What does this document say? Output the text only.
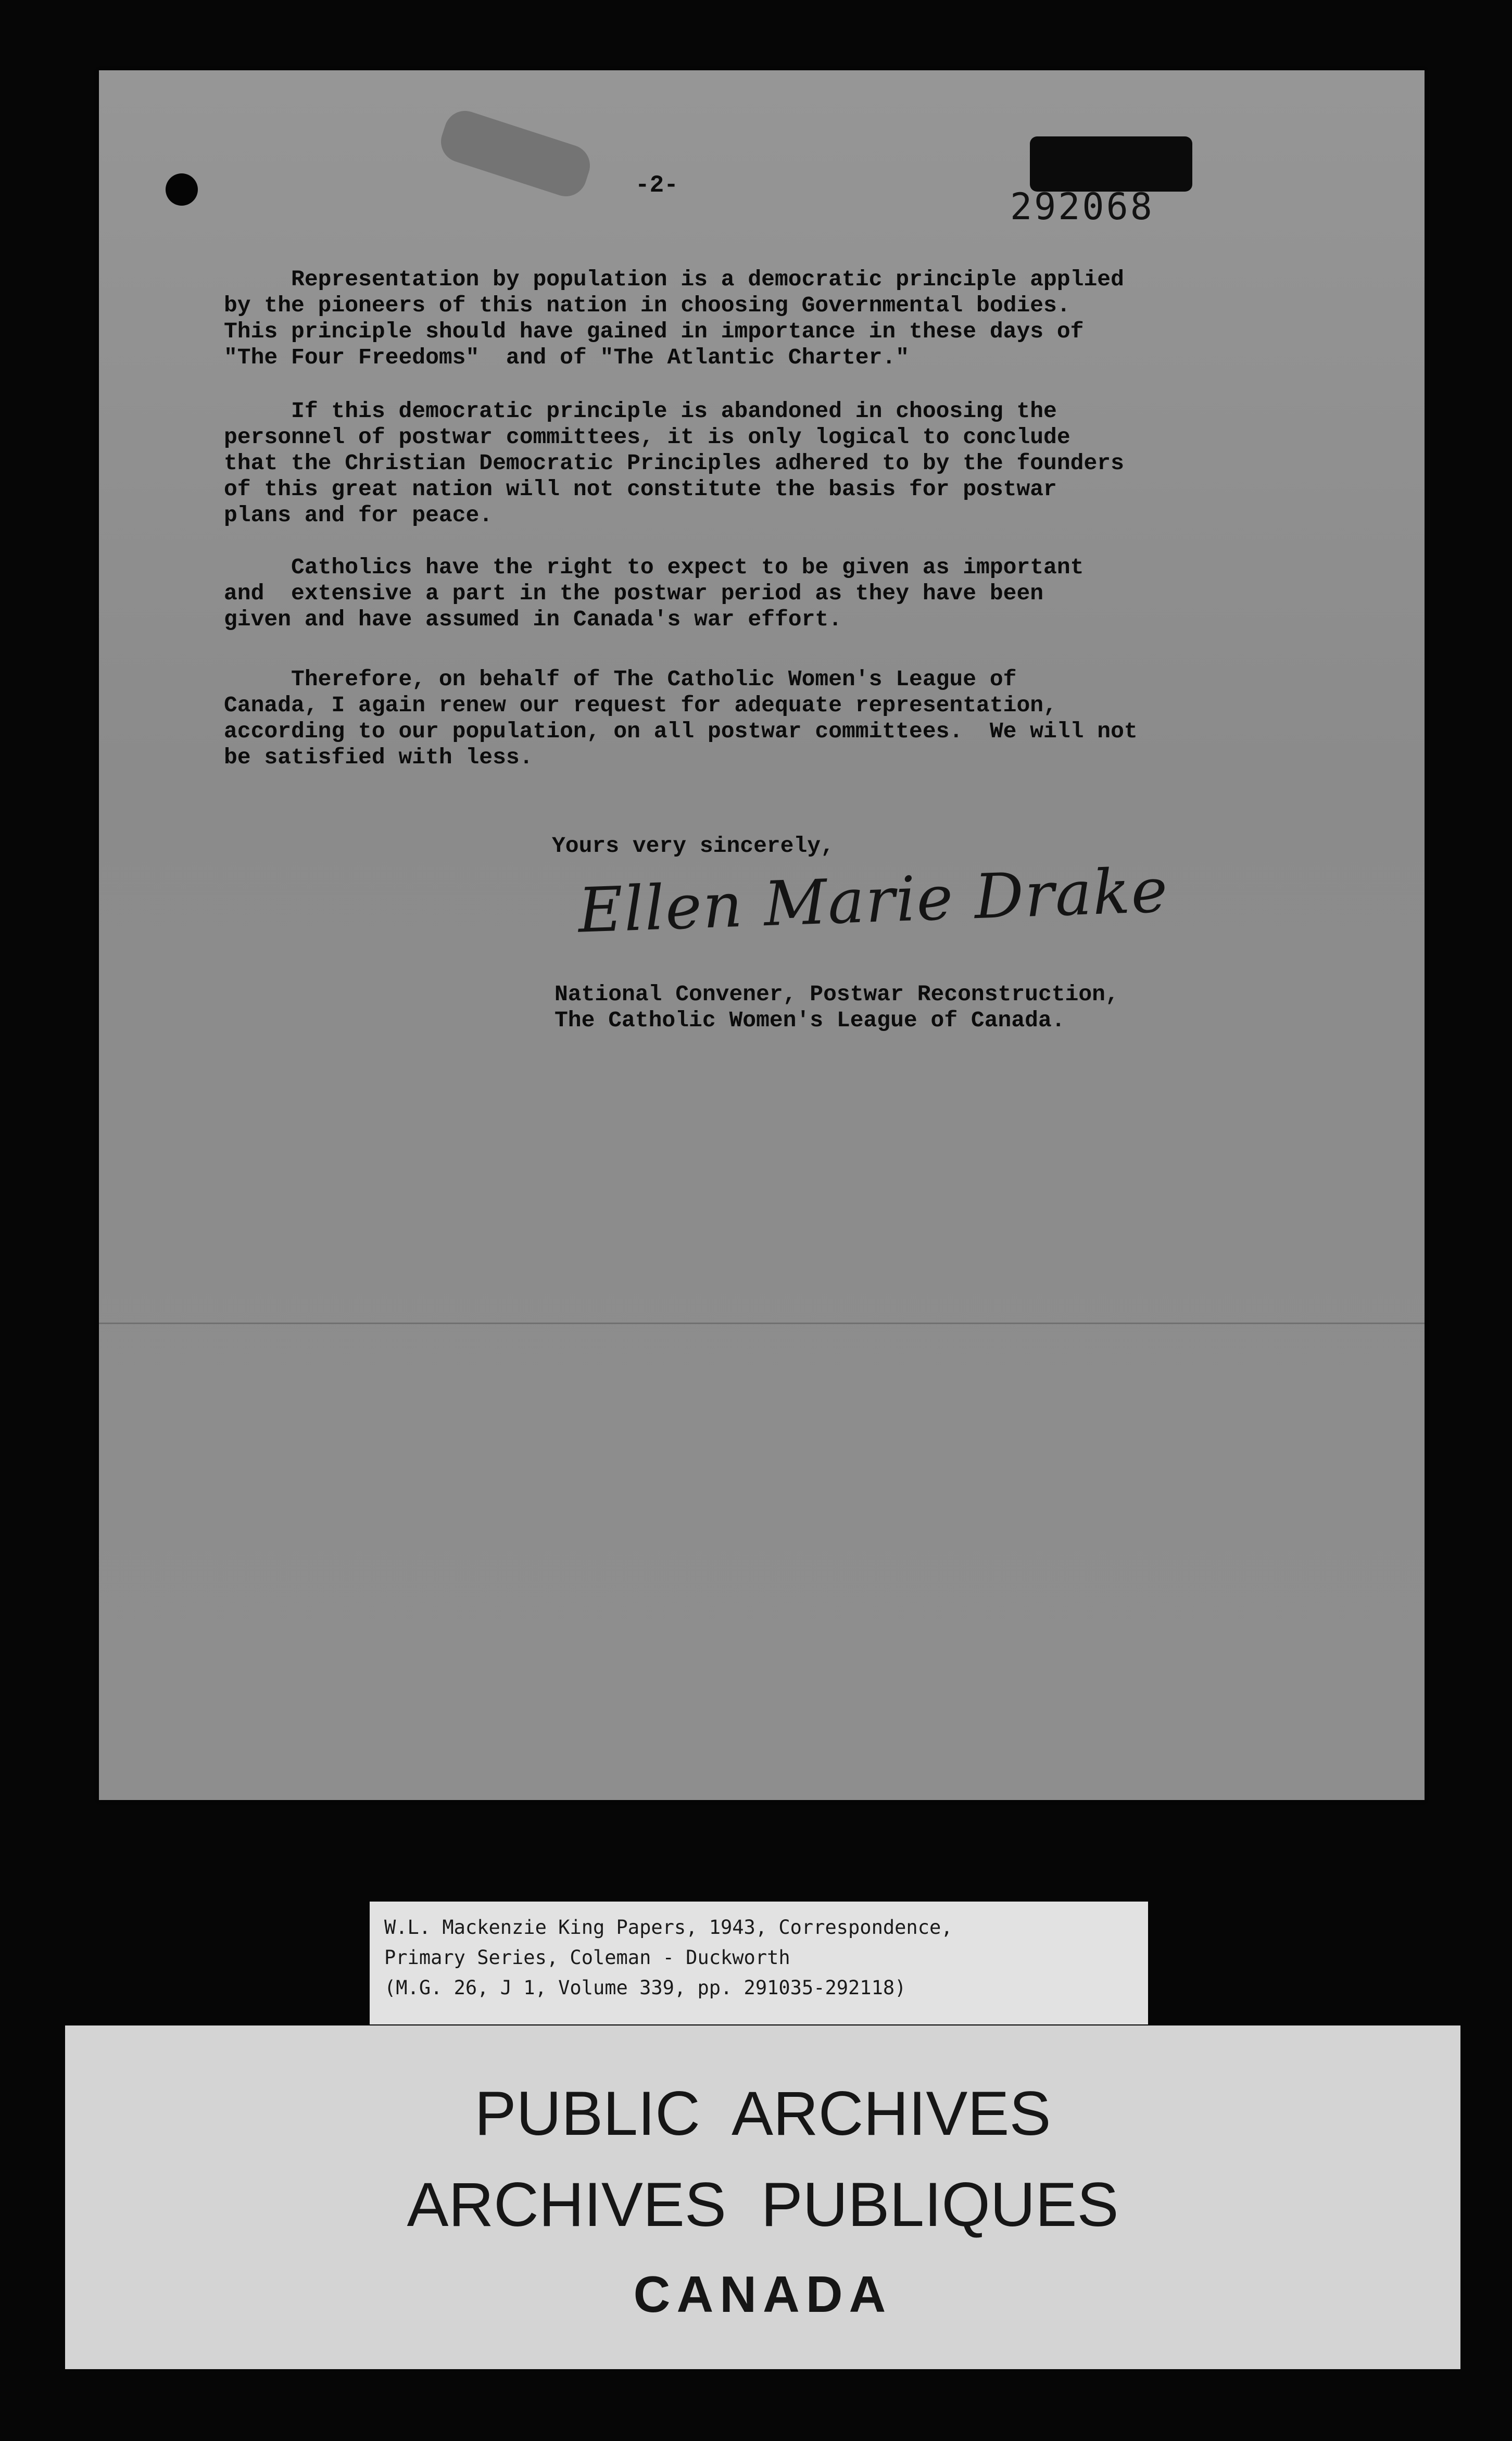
-2-	292068

Representation by population is a democratic principle applied
by the pioneers of this nation in choosing Governmental bodies.
This principle should have gained in importance in these days of
"The Four Freedoms"  and of "The Atlantic Charter."

If this democratic principle is abandoned in choosing the
personnel of postwar committees, it is only logical to conclude
that the Christian Democratic Principles adhered to by the founders
of this great nation will not constitute the basis for postwar
plans and for peace.

Catholics have the right to expect to be given as important
and  extensive a part in the postwar period as they have been
given and have assumed in Canada's war effort.

Therefore, on behalf of The Catholic Women's League of
Canada, I again renew our request for adequate representation,
according to our population, on all postwar committees.  We will not
be satisfied with less.

Yours very sincerely,

Ellen Marie Drake

National Convener, Postwar Reconstruction,

The Catholic Women's League of Canada.

W.L. Mackenzie King Papers, 1943, Correspondence,
Primary Series, Coleman - Duckworth
(M.G. 26, J 1, Volume 339, pp. 291035-292118)
PUBLIC  ARCHIVES
ARCHIVES  PUBLIQUES
CANADA
